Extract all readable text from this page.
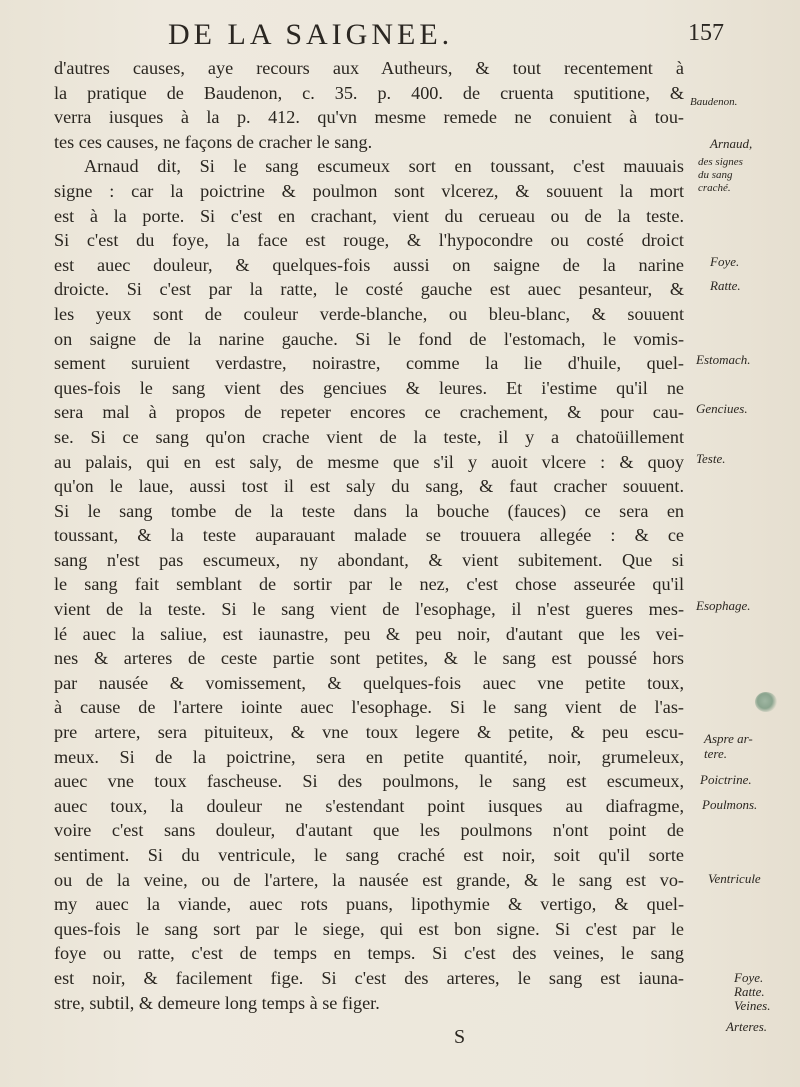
DE LA SAIGNEE.	157
d'autres causes, aye recours aux Autheurs, & tout recentement à
la pratique de Baudenon, c. 35. p. 400. de cruenta sputitione, &
verra iusques à la p. 412. qu'vn mesme remede ne conuient à tou-
tes ces causes, ne façons de cracher le sang.
Arnaud dit, Si le sang escumeux sort en toussant, c'est mauuais
signe : car la poictrine & poulmon sont vlcerez, & souuent la mort
est à la porte. Si c'est en crachant, vient du cerueau ou de la teste.
Si c'est du foye, la face est rouge, & l'hypocondre ou costé droict
est auec douleur, & quelques-fois aussi on saigne de la narine
droicte. Si c'est par la ratte, le costé gauche est auec pesanteur, &
les yeux sont de couleur verde-blanche, ou bleu-blanc, & souuent
on saigne de la narine gauche. Si le fond de l'estomach, le vomis-
sement suruient verdastre, noirastre, comme la lie d'huile, quel-
ques-fois le sang vient des genciues & leures. Et i'estime qu'il ne
sera mal à propos de repeter encores ce crachement, & pour cau-
se. Si ce sang qu'on crache vient de la teste, il y a chatoüillement
au palais, qui en est saly, de mesme que s'il y auoit vlcere : & quoy
qu'on le laue, aussi tost il est saly du sang, & faut cracher souuent.
Si le sang tombe de la teste dans la bouche (fauces) ce sera en
toussant, & la teste auparauant malade se trouuera allegée : & ce
sang n'est pas escumeux, ny abondant, & vient subitement. Que si
le sang fait semblant de sortir par le nez, c'est chose asseurée qu'il
vient de la teste. Si le sang vient de l'esophage, il n'est gueres mes-
lé auec la saliue, est iaunastre, peu & peu noir, d'autant que les vei-
nes & arteres de ceste partie sont petites, & le sang est poussé hors
par nausée & vomissement, & quelques-fois auec vne petite toux,
à cause de l'artere iointe auec l'esophage. Si le sang vient de l'as-
pre artere, sera pituiteux, & vne toux legere & petite, & peu escu-
meux. Si de la poictrine, sera en petite quantité, noir, grumeleux,
auec vne toux fascheuse. Si des poulmons, le sang est escumeux,
auec toux, la douleur ne s'estendant point iusques au diafragme,
voire c'est sans douleur, d'autant que les poulmons n'ont point de
sentiment. Si du ventricule, le sang craché est noir, soit qu'il sorte
ou de la veine, ou de l'artere, la nausée est grande, & le sang est vo-
my auec la viande, auec rots puans, lipothymie & vertigo, & quel-
ques-fois le sang sort par le siege, qui est bon signe. Si c'est par le
foye ou ratte, c'est de temps en temps. Si c'est des veines, le sang
est noir, & facilement fige. Si c'est des arteres, le sang est iauna-
stre, subtil, & demeure long temps à se figer.
Baudenon.
Arnaud,
des signes
du sang
craché.
Foye.
Ratte.
Estomach.
Genciues.
Teste.
Esophage.
Aspre ar-
tere.
Poictrine.
Poulmons.
Ventricule
Foye.
Ratte.
Veines.
Arteres.
S
